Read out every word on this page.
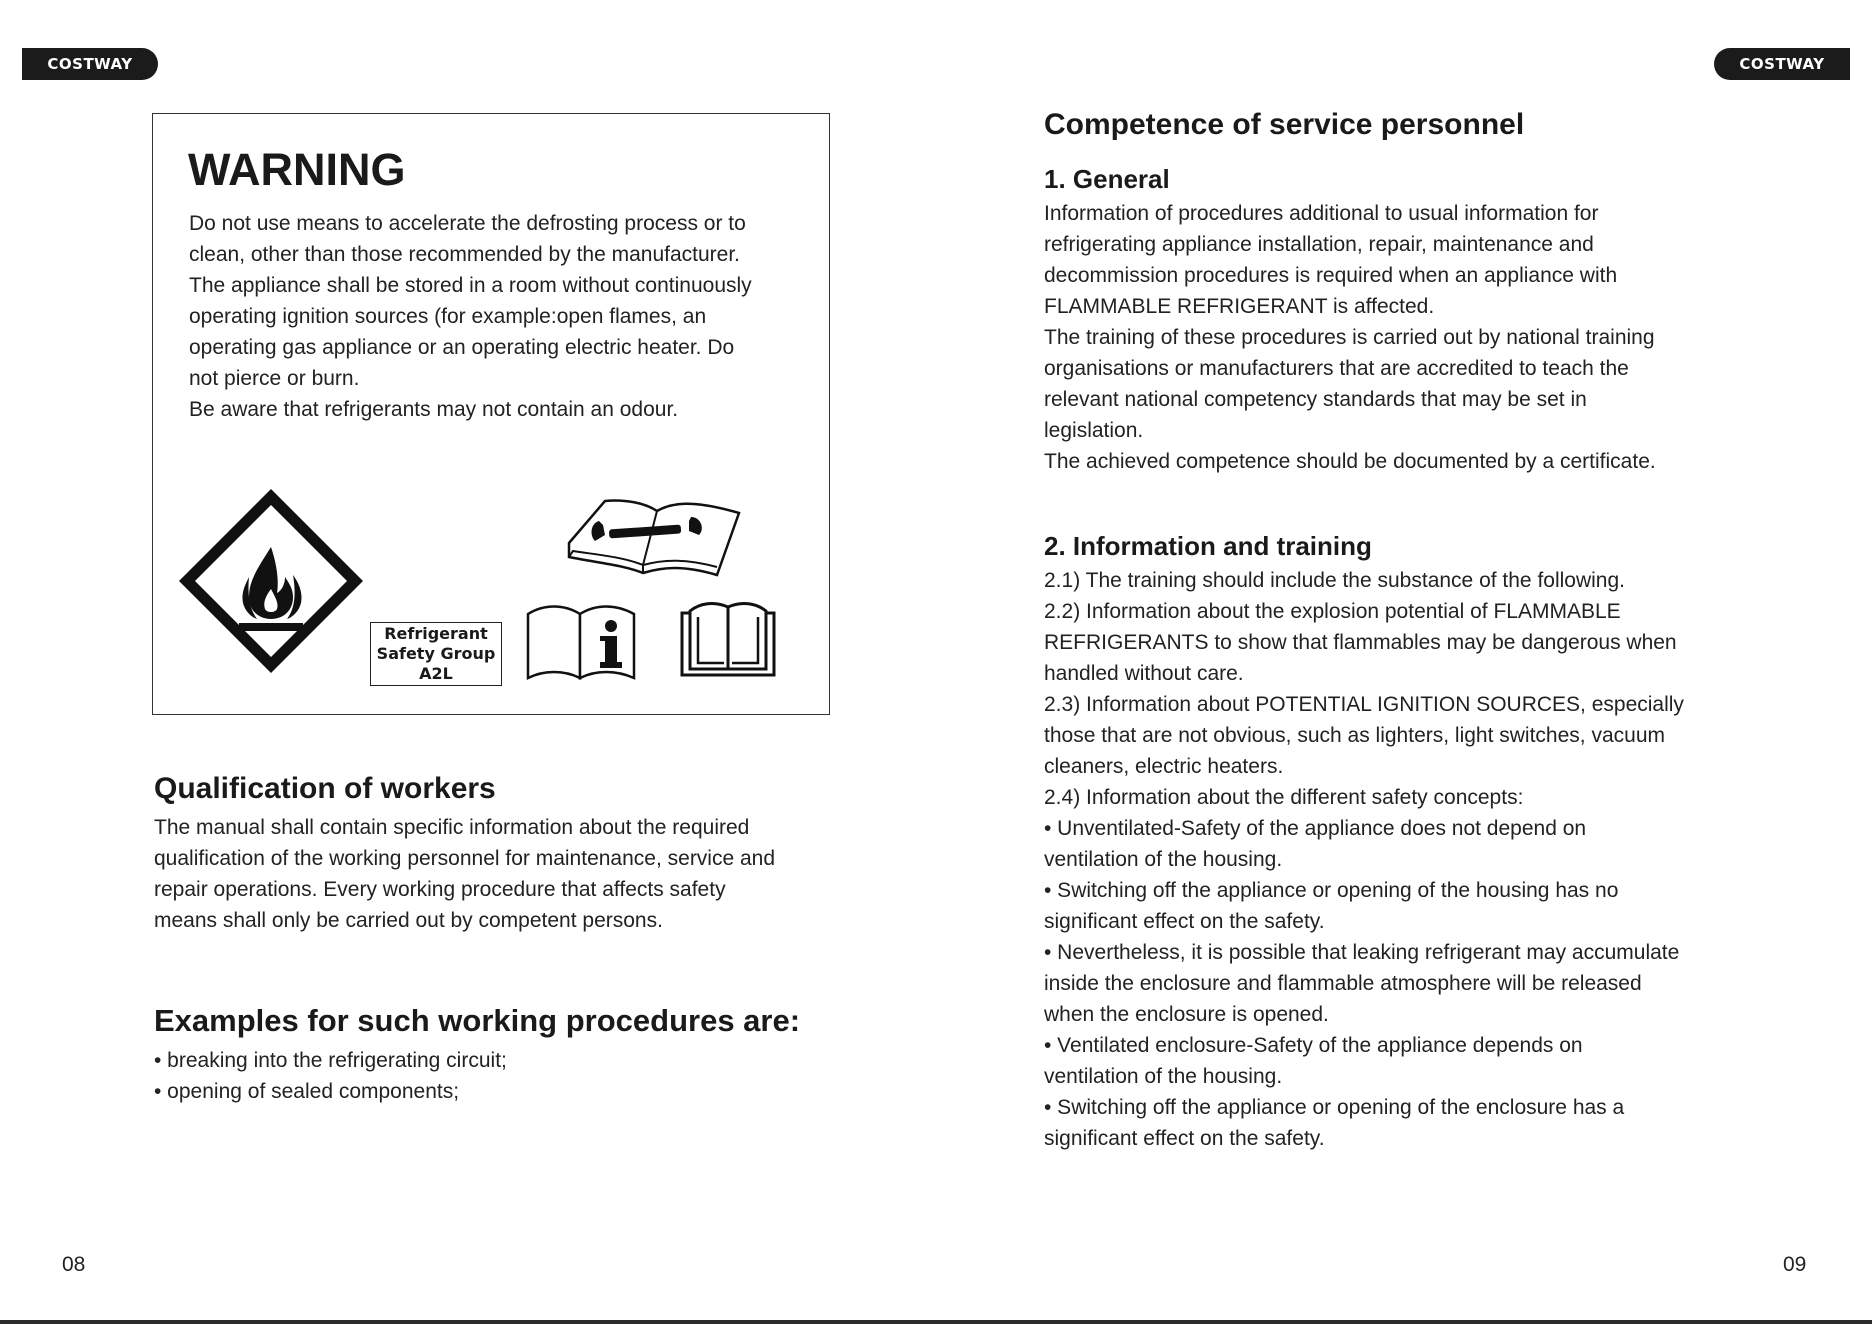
COSTWAY	COSTWAY
WARNING

Do not use means to accelerate the defrosting process or to

clean, other than those recommended by the manufacturer.

The appliance shall be stored in a room without continuously

operating ignition sources (for example:open flames, an

operating gas appliance or an operating electric heater. Do

not pierce or burn.

Be aware that refrigerants may not contain an odour.

Refrigerant
Safety Group
A2L
Qualification of workers

The manual shall contain specific information about the required

qualification of the working personnel for maintenance, service and

repair operations. Every working procedure that affects safety

means shall only be carried out by competent persons.

Examples for such working procedures are:

• breaking into the refrigerating circuit;

• opening of sealed components;

Competence of service personnel
1. General

Information of procedures additional to usual information for

refrigerating appliance installation, repair, maintenance and

decommission procedures is required when an appliance with

FLAMMABLE REFRIGERANT is affected.

The training of these procedures is carried out by national training

organisations or manufacturers that are accredited to teach the

relevant national competency standards that may be set in

legislation.

The achieved competence should be documented by a certificate.

2. Information and training

2.1) The training should include the substance of the following.

2.2) Information about the explosion potential of FLAMMABLE

REFRIGERANTS to show that flammables may be dangerous when

handled without care.

2.3) Information about POTENTIAL IGNITION SOURCES, especially

those that are not obvious, such as lighters, light switches, vacuum

cleaners, electric heaters.

2.4) Information about the different safety concepts:

• Unventilated-Safety of the appliance does not depend on

ventilation of the housing.

• Switching off the appliance or opening of the housing has no

significant effect on the safety.

• Nevertheless, it is possible that leaking refrigerant may accumulate

inside the enclosure and flammable atmosphere will be released

when the enclosure is opened.

• Ventilated enclosure-Safety of the appliance depends on

ventilation of the housing.

• Switching off the appliance or opening of the enclosure has a

significant effect on the safety.

08	09
